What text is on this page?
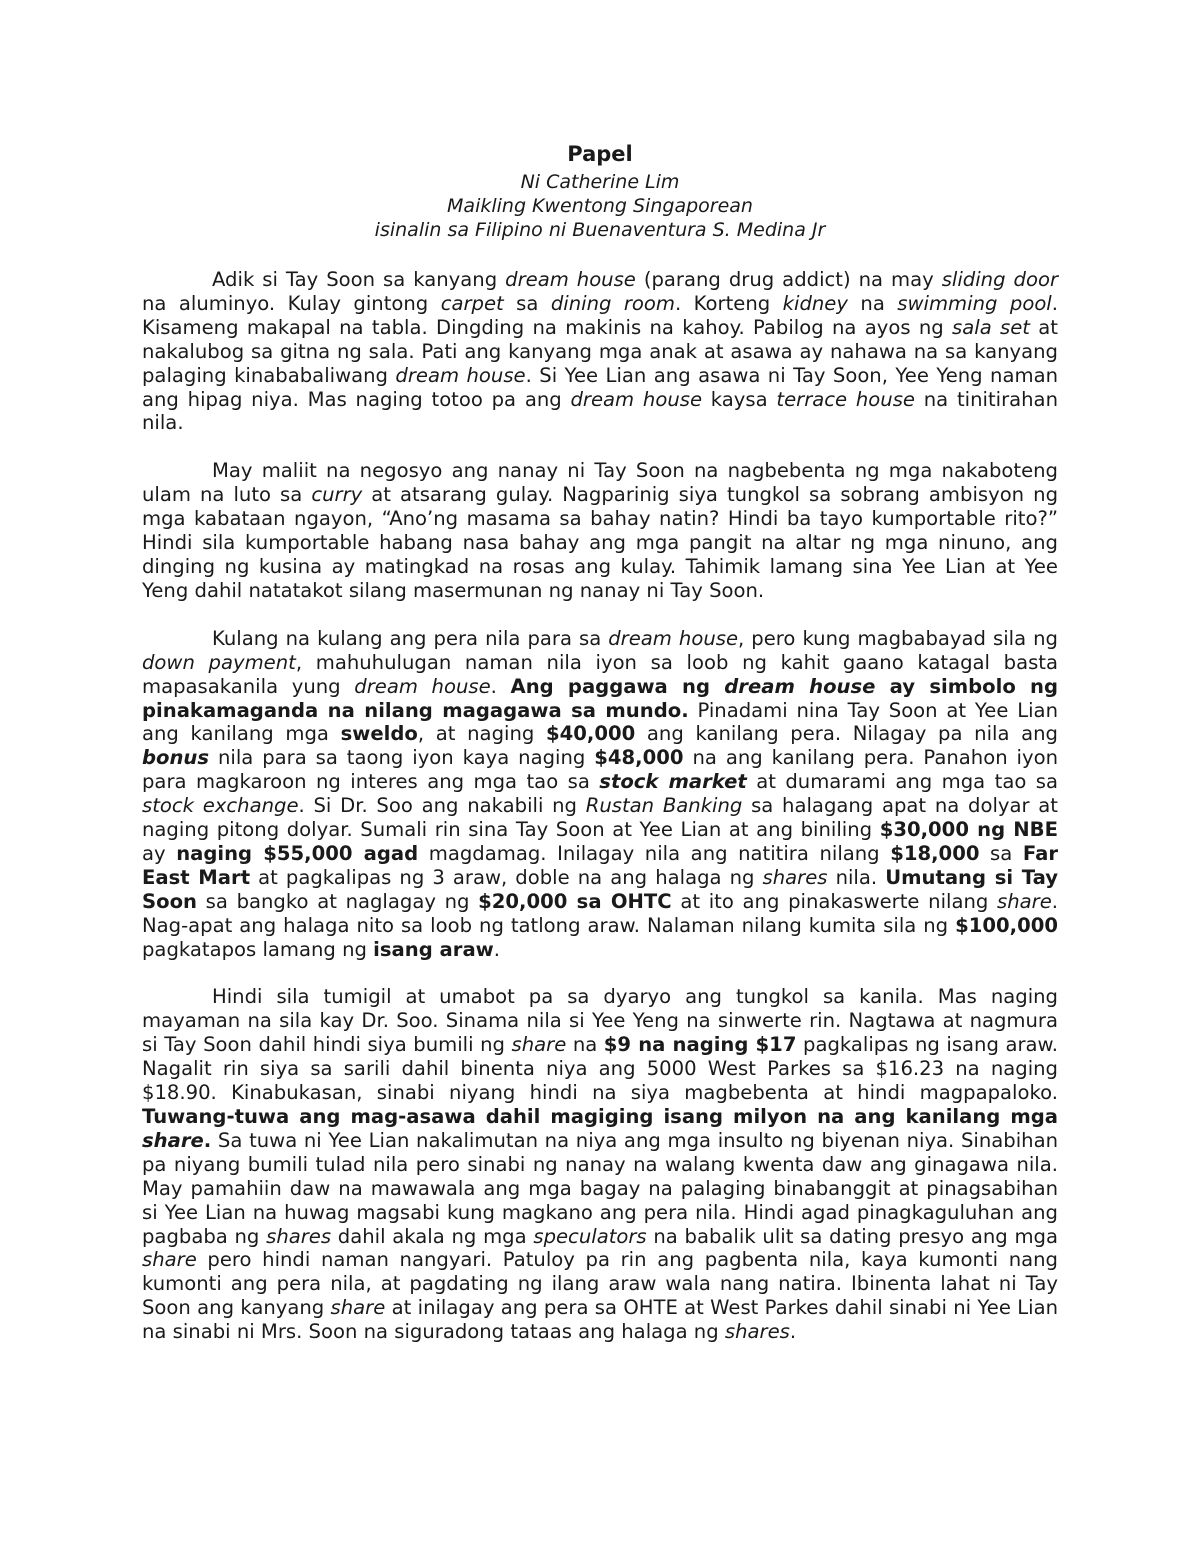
Papel

Ni Catherine Lim

Maikling Kwentong Singaporean

isinalin sa Filipino ni Buenaventura S. Medina Jr

Adik si Tay Soon sa kanyang dream house (parang drug addict) na may sliding door na aluminyo. Kulay gintong carpet sa dining room. Korteng kidney na swimming pool. Kisameng makapal na tabla. Dingding na makinis na kahoy. Pabilog na ayos ng sala set at nakalubog sa gitna ng sala. Pati ang kanyang mga anak at asawa ay nahawa na sa kanyang palaging kinababaliwang dream house. Si Yee Lian ang asawa ni Tay Soon, Yee Yeng naman ang hipag niya. Mas naging totoo pa ang dream house kaysa terrace house na tinitirahan nila.

May maliit na negosyo ang nanay ni Tay Soon na nagbebenta ng mga nakaboteng ulam na luto sa curry at atsarang gulay. Nagparinig siya tungkol sa sobrang ambisyon ng mga kabataan ngayon, “Ano’ng masama sa bahay natin? Hindi ba tayo kumportable rito?” Hindi sila kumportable habang nasa bahay ang mga pangit na altar ng mga ninuno, ang dinging ng kusina ay matingkad na rosas ang kulay. Tahimik lamang sina Yee Lian at Yee Yeng dahil natatakot silang masermunan ng nanay ni Tay Soon.

Kulang na kulang ang pera nila para sa dream house, pero kung magbabayad sila ng down payment, mahuhulugan naman nila iyon sa loob ng kahit gaano katagal basta mapasakanila yung dream house. Ang paggawa ng dream house ay simbolo ng pinakamaganda na nilang magagawa sa mundo. Pinadami nina Tay Soon at Yee Lian ang kanilang mga sweldo, at naging $40,000 ang kanilang pera. Nilagay pa nila ang bonus nila para sa taong iyon kaya naging $48,000 na ang kanilang pera. Panahon iyon para magkaroon ng interes ang mga tao sa stock market at dumarami ang mga tao sa stock exchange. Si Dr. Soo ang nakabili ng Rustan Banking sa halagang apat na dolyar at naging pitong dolyar. Sumali rin sina Tay Soon at Yee Lian at ang biniling $30,000 ng NBE ay naging $55,000 agad magdamag. Inilagay nila ang natitira nilang $18,000 sa Far East Mart at pagkalipas ng 3 araw, doble na ang halaga ng shares nila. Umutang si Tay Soon sa bangko at naglagay ng $20,000 sa OHTC at ito ang pinakaswerte nilang share. Nag-apat ang halaga nito sa loob ng tatlong araw. Nalaman nilang kumita sila ng $100,000 pagkatapos lamang ng isang araw.

Hindi sila tumigil at umabot pa sa dyaryo ang tungkol sa kanila. Mas naging mayaman na sila kay Dr. Soo. Sinama nila si Yee Yeng na sinwerte rin. Nagtawa at nagmura si Tay Soon dahil hindi siya bumili ng share na $9 na naging $17 pagkalipas ng isang araw. Nagalit rin siya sa sarili dahil binenta niya ang 5000 West Parkes sa $16.23 na naging $18.90. Kinabukasan, sinabi niyang hindi na siya magbebenta at hindi magpapaloko. Tuwang-tuwa ang mag-asawa dahil magiging isang milyon na ang kanilang mga share. Sa tuwa ni Yee Lian nakalimutan na niya ang mga insulto ng biyenan niya. Sinabihan pa niyang bumili tulad nila pero sinabi ng nanay na walang kwenta daw ang ginagawa nila. May pamahiin daw na mawawala ang mga bagay na palaging binabanggit at pinagsabihan si Yee Lian na huwag magsabi kung magkano ang pera nila. Hindi agad pinagkaguluhan ang pagbaba ng shares dahil akala ng mga speculators na babalik ulit sa dating presyo ang mga share pero hindi naman nangyari. Patuloy pa rin ang pagbenta nila, kaya kumonti nang kumonti ang pera nila, at pagdating ng ilang araw wala nang natira. Ibinenta lahat ni Tay Soon ang kanyang share at inilagay ang pera sa OHTE at West Parkes dahil sinabi ni Yee Lian na sinabi ni Mrs. Soon na siguradong tataas ang halaga ng shares.
